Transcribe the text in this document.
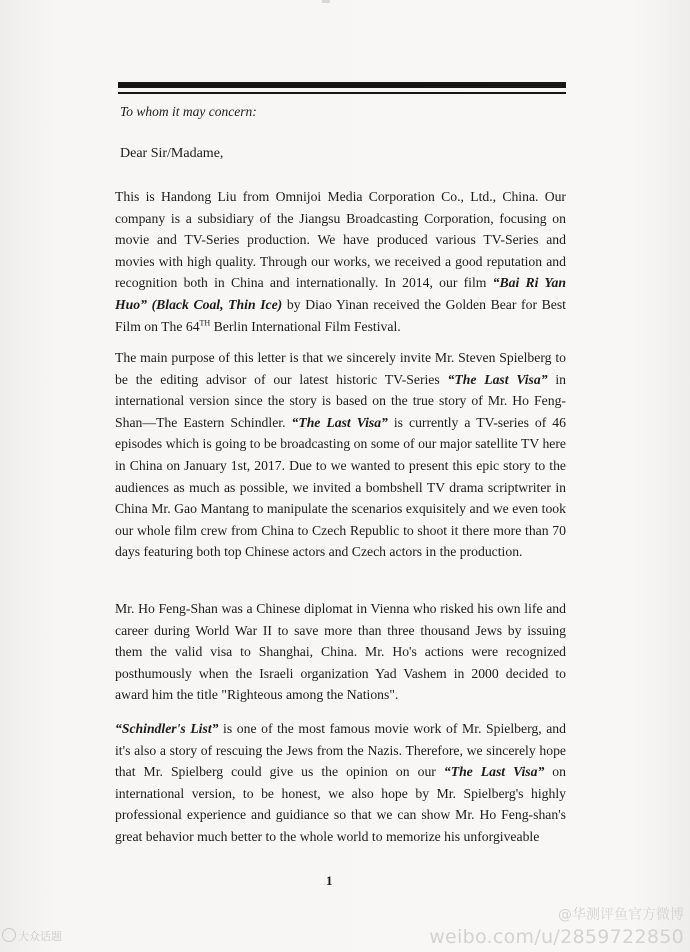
To whom it may concern:
Dear Sir/Madame,
This is Handong Liu from Omnijoi Media Corporation Co., Ltd., China. Our company is a subsidiary of the Jiangsu Broadcasting Corporation, focusing on movie and TV-Series production. We have produced various TV-Series and movies with high quality. Through our works, we received a good reputation and recognition both in China and internationally. In 2014, our film “Bai Ri Yan Huo” (Black Coal, Thin Ice) by Diao Yinan received the Golden Bear for Best Film on The 64TH Berlin International Film Festival.
The main purpose of this letter is that we sincerely invite Mr. Steven Spielberg to be the editing advisor of our latest historic TV-Series “The Last Visa” in international version since the story is based on the true story of Mr. Ho Feng-Shan—The Eastern Schindler. “The Last Visa” is currently a TV-series of 46 episodes which is going to be broadcasting on some of our major satellite TV here in China on January 1st, 2017. Due to we wanted to present this epic story to the audiences as much as possible, we invited a bombshell TV drama scriptwriter in China Mr. Gao Mantang to manipulate the scenarios exquisitely and we even took our whole film crew from China to Czech Republic to shoot it there more than 70 days featuring both top Chinese actors and Czech actors in the production.
Mr. Ho Feng-Shan was a Chinese diplomat in Vienna who risked his own life and career during World War II to save more than three thousand Jews by issuing them the valid visa to Shanghai, China. Mr. Ho's actions were recognized posthumously when the Israeli organization Yad Vashem in 2000 decided to award him the title "Righteous among the Nations".
“Schindler's List” is one of the most famous movie work of Mr. Spielberg, and it's also a story of rescuing the Jews from the Nazis. Therefore, we sincerely hope that Mr. Spielberg could give us the opinion on our “The Last Visa” on international version, to be honest, we also hope by Mr. Spielberg's highly professional experience and guidiance so that we can show Mr. Ho Feng-shan's great behavior much better to the whole world to memorize his unforgiveable
1
大众话题
@华测评鱼官方微博
weibo.com/u/2859722850
